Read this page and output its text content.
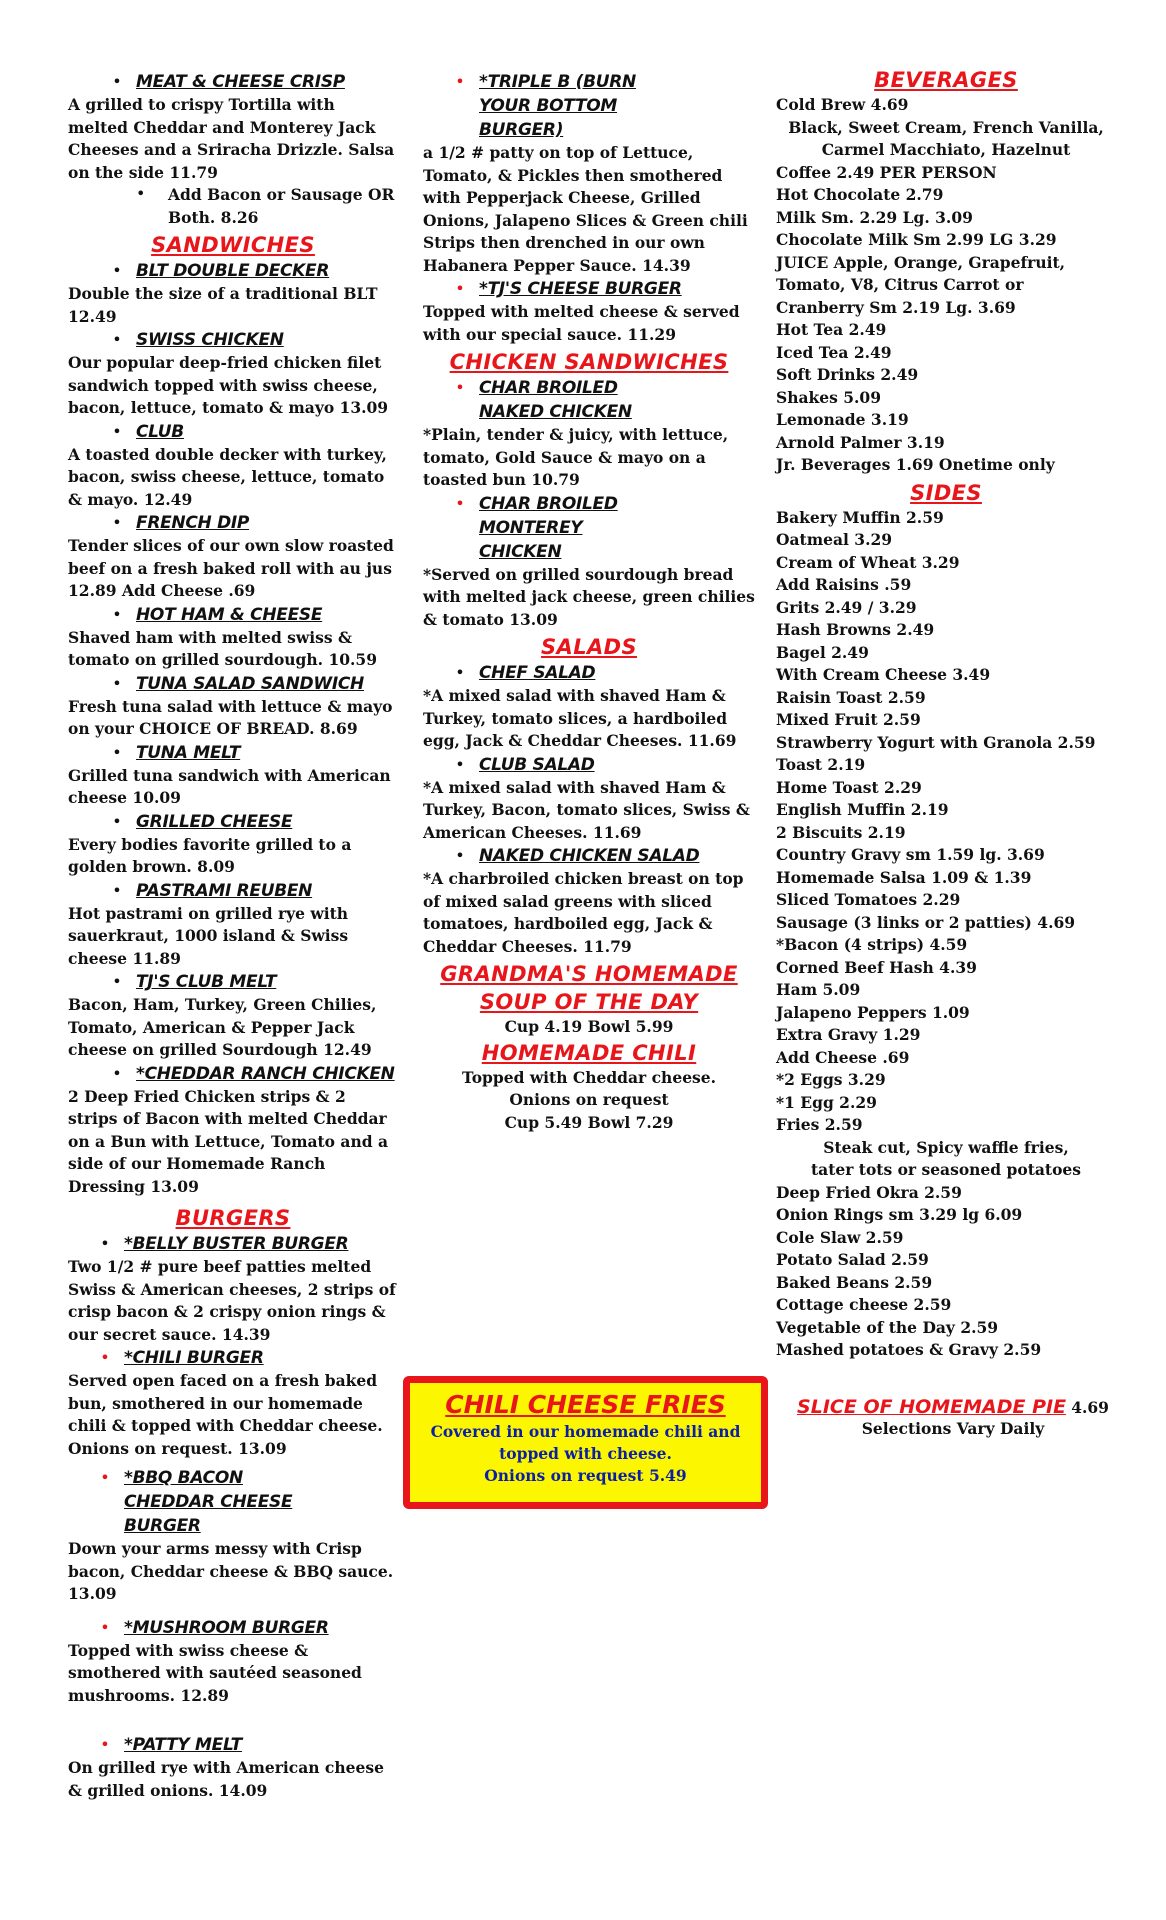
• MEAT & CHEESE CRISP

A grilled to crispy Tortilla with melted Cheddar and Monterey Jack Cheeses and a Sriracha Drizzle. Salsa on the side 11.79

•	Add Bacon or Sausage OR Both. 8.26

SANDWICHES

• BLT DOUBLE DECKER

Double the size of a traditional BLT 12.49

• SWISS CHICKEN

Our popular deep-fried chicken filet sandwich topped with swiss cheese, bacon, lettuce, tomato & mayo 13.09

• CLUB

A toasted double decker with turkey, bacon, swiss cheese, lettuce, tomato & mayo. 12.49

• FRENCH DIP

Tender slices of our own slow roasted beef on a fresh baked roll with au jus 12.89 Add Cheese .69

• HOT HAM & CHEESE

Shaved ham with melted swiss & tomato on grilled sourdough. 10.59

• TUNA SALAD SANDWICH

Fresh tuna salad with lettuce & mayo on your CHOICE OF BREAD. 8.69

• TUNA MELT

Grilled tuna sandwich with American cheese 10.09

• GRILLED CHEESE

Every bodies favorite grilled to a golden brown. 8.09

• PASTRAMI REUBEN

Hot pastrami on grilled rye with sauerkraut, 1000 island & Swiss cheese 11.89

• TJ'S CLUB MELT

Bacon, Ham, Turkey, Green Chilies, Tomato, American & Pepper Jack cheese on grilled Sourdough 12.49

• *CHEDDAR RANCH CHICKEN

2 Deep Fried Chicken strips & 2 strips of Bacon with melted Cheddar on a Bun with Lettuce, Tomato and a side of our Homemade Ranch Dressing 13.09

BURGERS

• *BELLY BUSTER BURGER

Two 1/2 # pure beef patties melted Swiss & American cheeses, 2 strips of crisp bacon & 2 crispy onion rings & our secret sauce. 14.39

• *CHILI BURGER

Served open faced on a fresh baked bun, smothered in our homemade chili & topped with Cheddar cheese. Onions on request. 13.09

• *BBQ BACON CHEDDAR CHEESE BURGER

Down your arms messy with Crisp bacon, Cheddar cheese & BBQ sauce. 13.09

• *MUSHROOM BURGER

Topped with swiss cheese & smothered with sautéed seasoned mushrooms. 12.89

• *PATTY MELT

On grilled rye with American cheese & grilled onions. 14.09

• *TRIPLE B (BURN YOUR BOTTOM BURGER)

a 1/2 # patty on top of Lettuce, Tomato, & Pickles then smothered with Pepperjack Cheese, Grilled Onions, Jalapeno Slices & Green chili Strips then drenched in our own Habanera Pepper Sauce. 14.39

• *TJ'S CHEESE BURGER

Topped with melted cheese & served with our special sauce. 11.29

CHICKEN SANDWICHES

• CHAR BROILED NAKED CHICKEN

*Plain, tender & juicy, with lettuce, tomato, Gold Sauce & mayo on a toasted bun 10.79

• CHAR BROILED MONTEREY CHICKEN

*Served on grilled sourdough bread with melted jack cheese, green chilies & tomato 13.09

SALADS

• CHEF SALAD

*A mixed salad with shaved Ham & Turkey, tomato slices, a hardboiled egg, Jack & Cheddar Cheeses. 11.69

• CLUB SALAD

*A mixed salad with shaved Ham & Turkey, Bacon, tomato slices, Swiss & American Cheeses. 11.69

• NAKED CHICKEN SALAD

*A charbroiled chicken breast on top of mixed salad greens with sliced tomatoes, hardboiled egg, Jack & Cheddar Cheeses. 11.79

GRANDMA'S HOMEMADE

SOUP OF THE DAY

Cup 4.19 Bowl 5.99

HOMEMADE CHILI

Topped with Cheddar cheese.

Onions on request

Cup 5.49 Bowl 7.29

CHILI CHEESE FRIES
Covered in our homemade chili and
topped with cheese.
Onions on request 5.49

BEVERAGES

Cold Brew 4.69

Black, Sweet Cream, French Vanilla,

Carmel Macchiato, Hazelnut

Coffee 2.49 PER PERSON

Hot Chocolate 2.79

Milk Sm. 2.29 Lg. 3.09

Chocolate Milk Sm 2.99 LG 3.29

JUICE Apple, Orange, Grapefruit, Tomato, V8, Citrus Carrot or Cranberry Sm 2.19 Lg. 3.69

Hot Tea 2.49

Iced Tea 2.49

Soft Drinks 2.49

Shakes 5.09

Lemonade 3.19

Arnold Palmer 3.19

Jr. Beverages 1.69 Onetime only

SIDES

Bakery Muffin 2.59

Oatmeal 3.29

Cream of Wheat 3.29

Add Raisins .59

Grits 2.49 / 3.29

Hash Browns 2.49

Bagel 2.49

With Cream Cheese 3.49

Raisin Toast 2.59

Mixed Fruit 2.59

Strawberry Yogurt with Granola 2.59

Toast 2.19

Home Toast 2.29

English Muffin 2.19

2 Biscuits 2.19

Country Gravy sm 1.59 lg. 3.69

Homemade Salsa 1.09 & 1.39

Sliced Tomatoes 2.29

Sausage (3 links or 2 patties) 4.69

*Bacon (4 strips) 4.59

Corned Beef Hash 4.39

Ham 5.09

Jalapeno Peppers 1.09

Extra Gravy 1.29

Add Cheese .69

*2 Eggs 3.29

*1 Egg 2.29

Fries 2.59

Steak cut, Spicy waffle fries,

tater tots or seasoned potatoes

Deep Fried Okra 2.59

Onion Rings sm 3.29 lg 6.09

Cole Slaw 2.59

Potato Salad 2.59

Baked Beans 2.59

Cottage cheese 2.59

Vegetable of the Day 2.59

Mashed potatoes & Gravy 2.59

SLICE OF HOMEMADE PIE 4.69

Selections Vary Daily
